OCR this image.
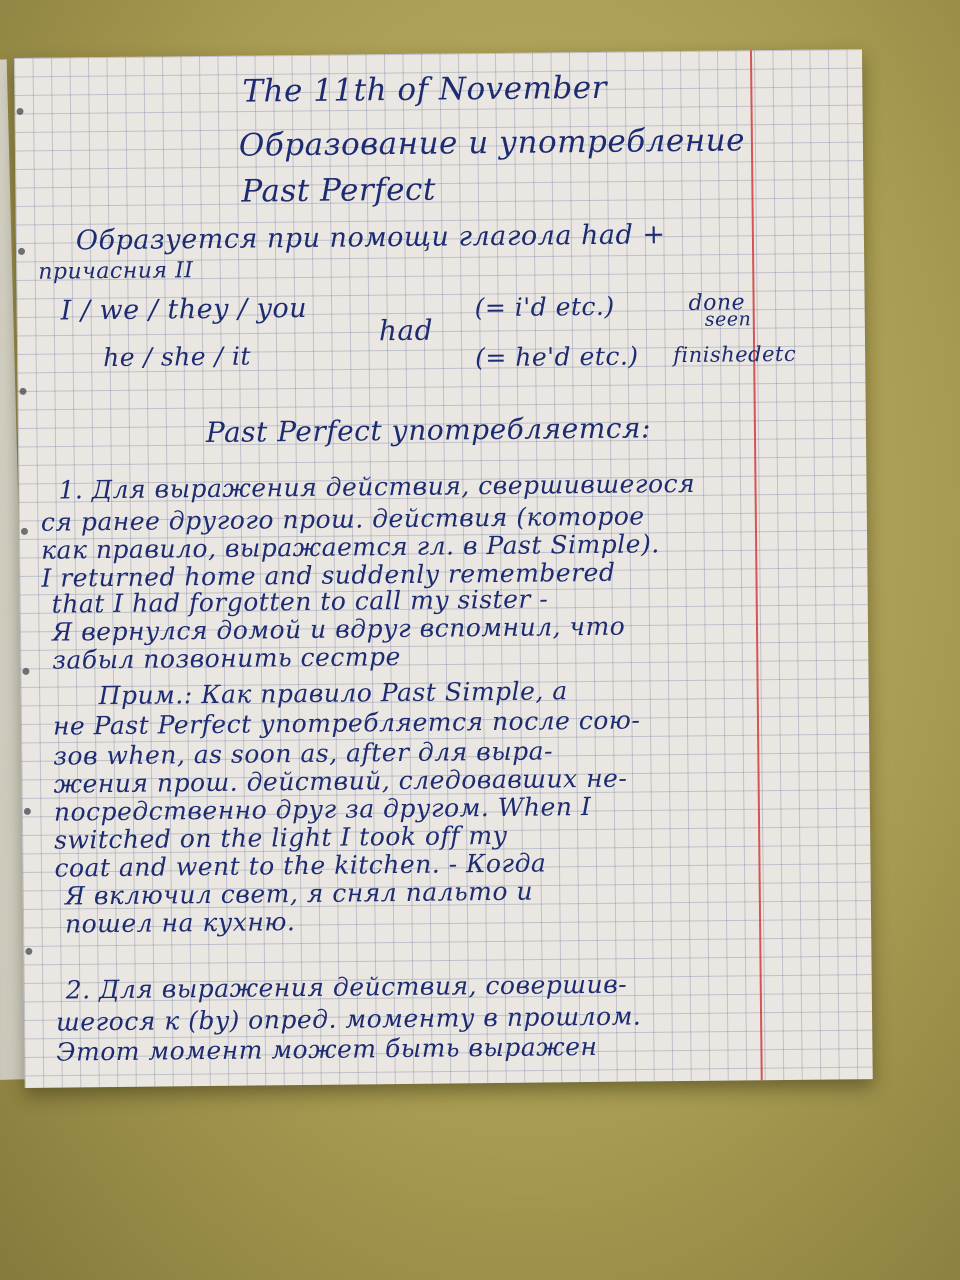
The 11th of November
Образование и употребление
Past Perfect
Образуется при помощи глагола had +
причасния II
I / we / they / you
he / she / it
had
(= i'd etc.)
(= he'd etc.)
done
seen
finishedetc
Past Perfect употребляется:
1. Для выражения действия, свершившегося
ся ранее другого прош. действия (которое
как правило, выражается гл. в Past Simple).
I returned home and suddenly remembered
that I had forgotten to call my sister -
Я вернулся домой и вдруг вспомнил, что
забыл позвонить сестре
Прим.: Как правило Past Simple, а
не Past Perfect употребляется после сою-
зов when, as soon as, after для выра-
жения прош. действий, следовавших не-
посредственно друг за другом. When I
switched on the light I took off my
coat and went to the kitchen. - Когда
Я включил свет, я снял пальто и
пошел на кухню.
2. Для выражения действия, совершив-
шегося к (by) опред. моменту в прошлом.
Этот момент может быть выражен
